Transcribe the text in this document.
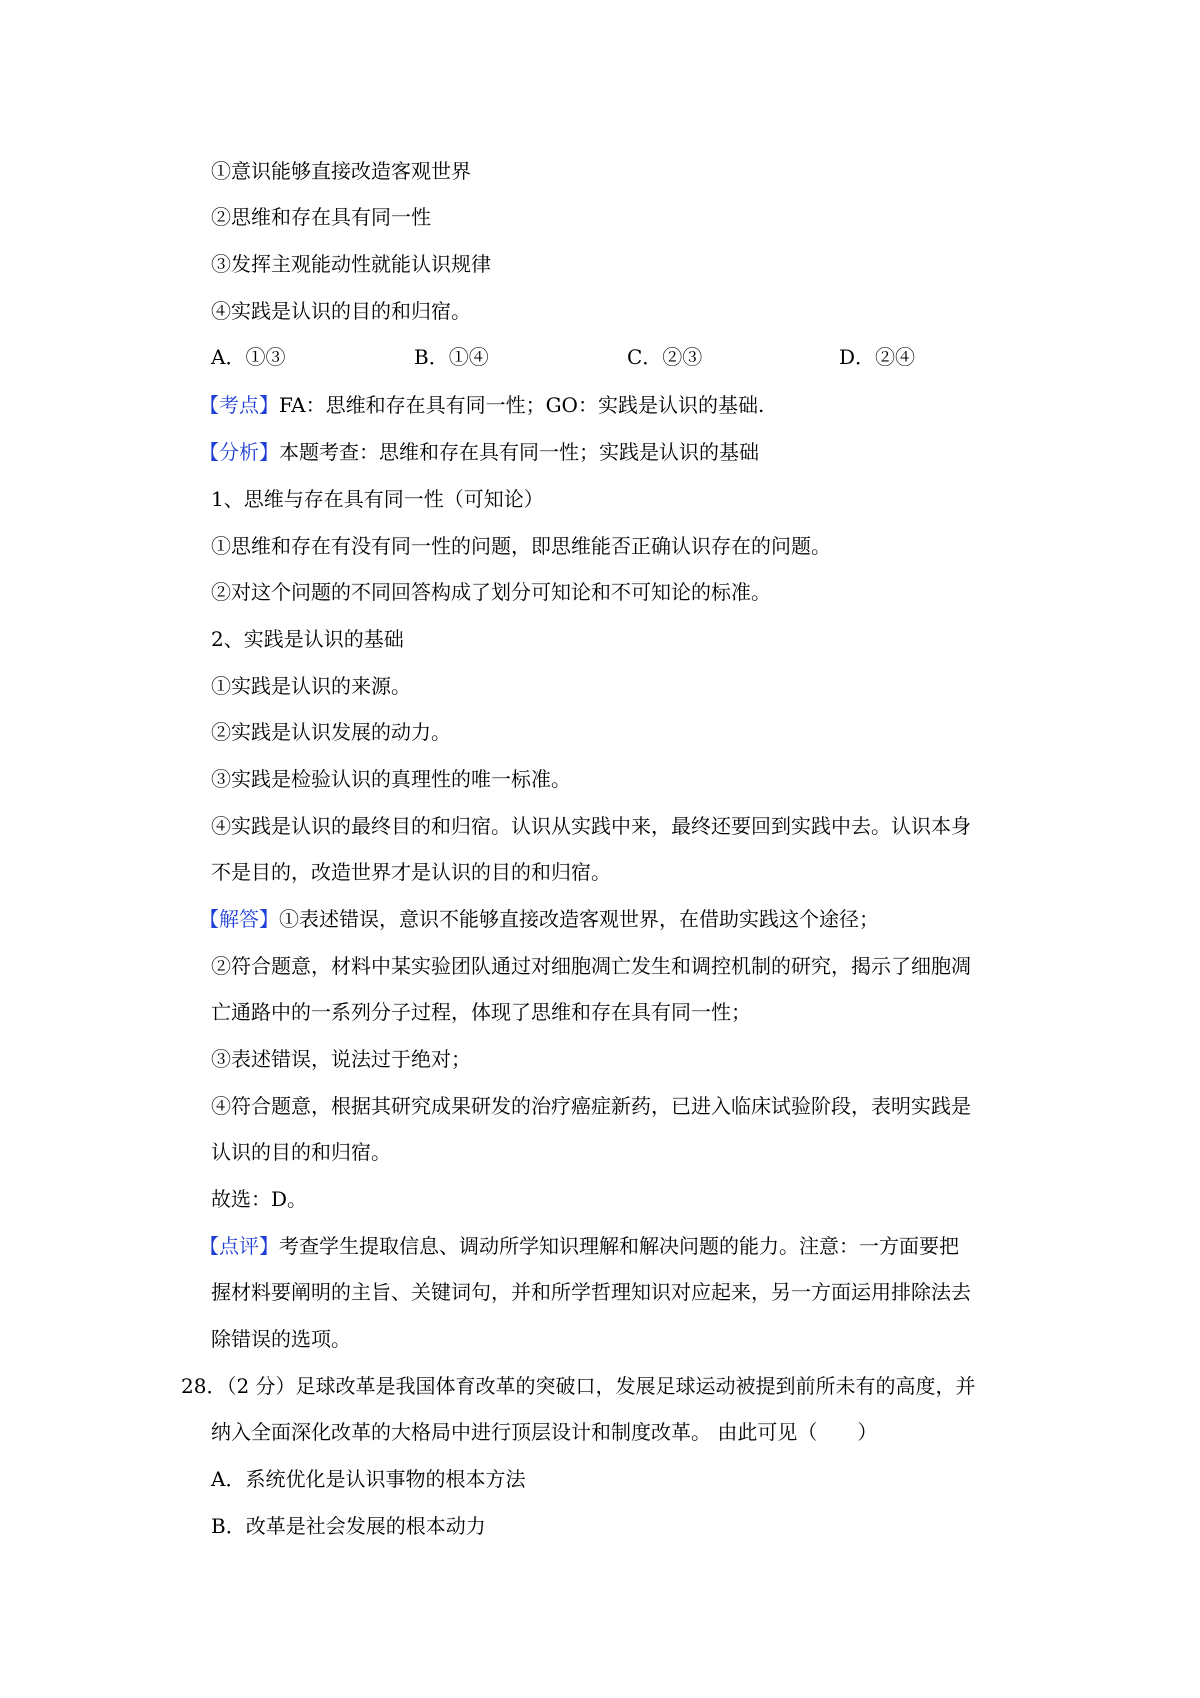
①意识能够直接改造客观世界
②思维和存在具有同一性
③发挥主观能动性就能认识规律
④实践是认识的目的和归宿。
A．①③	B．①④	C．②③	D．②④
【考点】FA：思维和存在具有同一性；GO：实践是认识的基础.
【分析】本题考查：思维和存在具有同一性；实践是认识的基础
1、思维与存在具有同一性（可知论）
①思维和存在有没有同一性的问题，即思维能否正确认识存在的问题。
②对这个问题的不同回答构成了划分可知论和不可知论的标准。
2、实践是认识的基础
①实践是认识的来源。
②实践是认识发展的动力。
③实践是检验认识的真理性的唯一标准。
④实践是认识的最终目的和归宿。认识从实践中来，最终还要回到实践中去。认识本身
不是目的，改造世界才是认识的目的和归宿。
【解答】①表述错误，意识不能够直接改造客观世界，在借助实践这个途径；
②符合题意，材料中某实验团队通过对细胞凋亡发生和调控机制的研究，揭示了细胞凋
亡通路中的一系列分子过程，体现了思维和存在具有同一性；
③表述错误，说法过于绝对；
④符合题意，根据其研究成果研发的治疗癌症新药，已进入临床试验阶段，表明实践是
认识的目的和归宿。
故选：D。
【点评】考查学生提取信息、调动所学知识理解和解决问题的能力。注意：一方面要把
握材料要阐明的主旨、关键词句，并和所学哲理知识对应起来，另一方面运用排除法去
除错误的选项。
28．（2 分）足球改革是我国体育改革的突破口，发展足球运动被提到前所未有的高度，并
纳入全面深化改革的大格局中进行顶层设计和制度改革。 由此可见（　　）
A．系统优化是认识事物的根本方法
B．改革是社会发展的根本动力
